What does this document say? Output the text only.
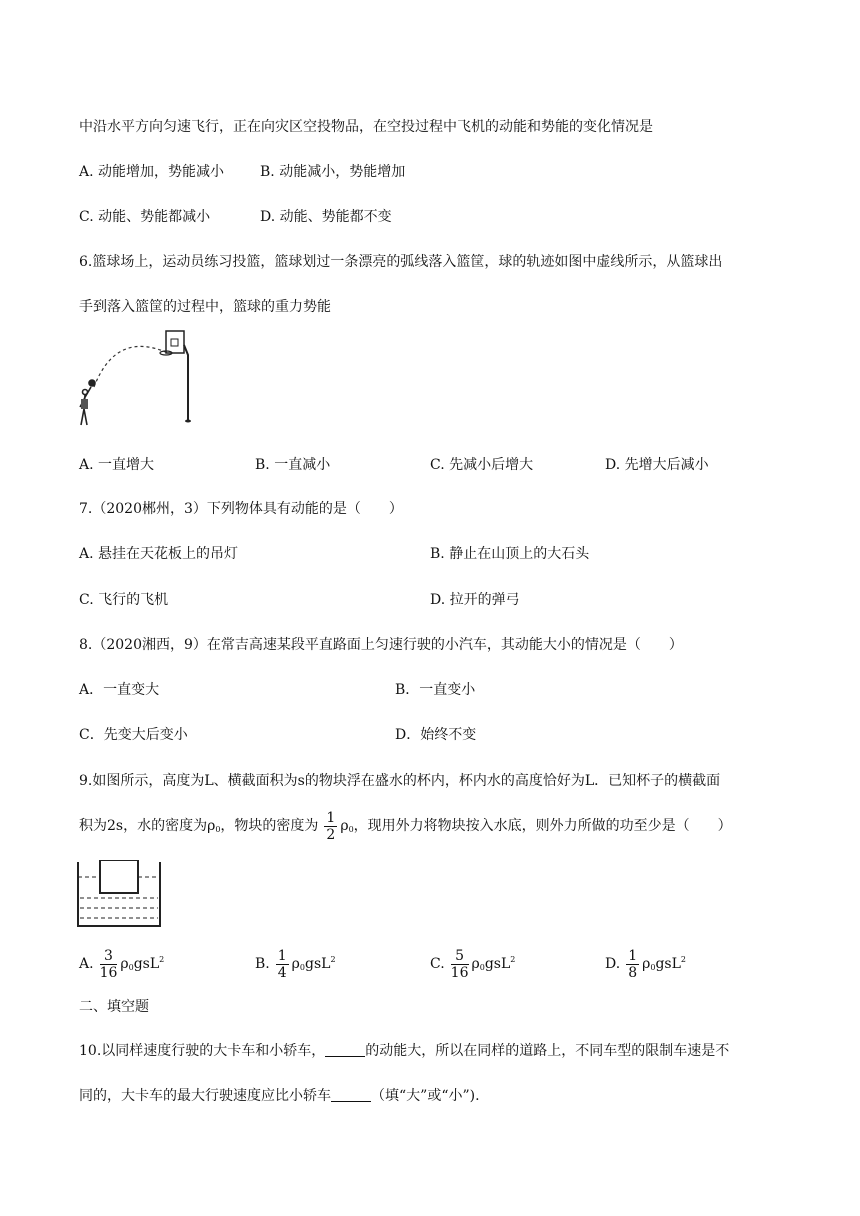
中沿水平方向匀速飞行，正在向灾区空投物品，在空投过程中飞机的动能和势能的变化情况是
A. 动能增加，势能减小	B. 动能减小，势能增加
C. 动能、势能都减小	D. 动能、势能都不变
6.篮球场上，运动员练习投篮，篮球划过一条漂亮的弧线落入篮筐，球的轨迹如图中虚线所示，从篮球出
手到落入篮筐的过程中，篮球的重力势能
A. 一直增大	B. 一直减小	C. 先减小后增大	D. 先增大后减小
7.（2020郴州，3）下列物体具有动能的是（　　）
A. 悬挂在天花板上的吊灯	B. 静止在山顶上的大石头
C. 飞行的飞机	D. 拉开的弹弓
8.（2020湘西，9）在常吉高速某段平直路面上匀速行驶的小汽车，其动能大小的情况是（　　）
A．一直变大	B．一直变小
C．先变大后变小	D．始终不变
9.如图所示，高度为L、横截面积为s的物块浮在盛水的杯内，杯内水的高度恰好为L．已知杯子的横截面
积为2s，水的密度为$\rho_0$，物块的密度为 $\frac{1}{2} \rho_0$，现用外力将物块按入水底，则外力所做的功至少是（　　）
A. $\frac{3}{16} \rho_0gsL^2$	B. $\frac{1}{4} \rho_0gsL^2$	C. $\frac{5}{16} \rho_0gsL^2$	D. $\frac{1}{8} \rho_0gsL^2$
二、填空题
10.以同样速度行驶的大卡车和小轿车，	的动能大，所以在同样的道路上，不同车型的限制车速是不
同的，大卡车的最大行驶速度应比小轿车	（填“大”或“小”).
